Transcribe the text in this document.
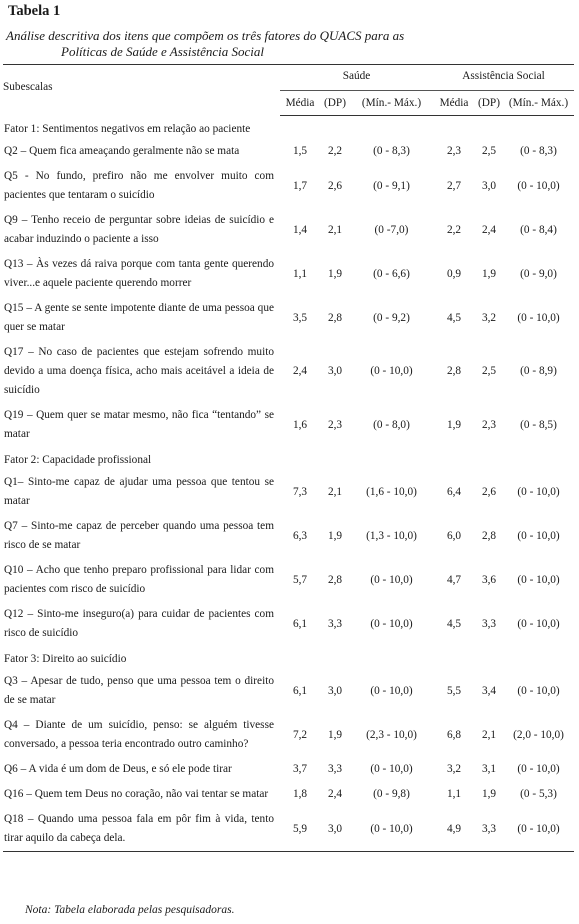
Tabela 1
Análise descritiva dos itens que compõem os três fatores do QUACS para as
Políticas de Saúde e Assistência Social
Subescalas	Saúde			Assistência Social		
	Média	(DP)	(Mín.- Máx.)	Média	(DP)	(Mín.- Máx.)
Fator 1: Sentimentos negativos em relação ao paciente						
Q2 – Quem fica ameaçando geralmente não se mata	1,5	2,2	(0 - 8,3)	2,3	2,5	(0 - 8,3)
Q5 - No fundo, prefiro não me envolver muito com pacientes que tentaram o suicídio	1,7	2,6	(0 - 9,1)	2,7	3,0	(0 - 10,0)
Q9 – Tenho receio de perguntar sobre ideias de suicídio e acabar induzindo o paciente a isso	1,4	2,1	(0 -7,0)	2,2	2,4	(0 - 8,4)
Q13 – Às vezes dá raiva porque com tanta gente querendo viver...e aquele paciente querendo morrer	1,1	1,9	(0 - 6,6)	0,9	1,9	(0 - 9,0)
Q15 – A gente se sente impotente diante de uma pessoa que quer se matar	3,5	2,8	(0 - 9,2)	4,5	3,2	(0 - 10,0)
Q17 – No caso de pacientes que estejam sofrendo muito devido a uma doença física, acho mais aceitável a ideia de suicídio	2,4	3,0	(0 - 10,0)	2,8	2,5	(0 - 8,9)
Q19 – Quem quer se matar mesmo, não fica “tentando” se matar	1,6	2,3	(0 - 8,0)	1,9	2,3	(0 - 8,5)
Fator 2: Capacidade profissional						
Q1– Sinto-me capaz de ajudar uma pessoa que tentou se matar	7,3	2,1	(1,6 - 10,0)	6,4	2,6	(0 - 10,0)
Q7 – Sinto-me capaz de perceber quando uma pessoa tem risco de se matar	6,3	1,9	(1,3 - 10,0)	6,0	2,8	(0 - 10,0)
Q10 – Acho que tenho preparo profissional para lidar com pacientes com risco de suicídio	5,7	2,8	(0 - 10,0)	4,7	3,6	(0 - 10,0)
Q12 – Sinto-me inseguro(a) para cuidar de pacientes com risco de suicídio	6,1	3,3	(0 - 10,0)	4,5	3,3	(0 - 10,0)
Fator 3: Direito ao suicídio						
Q3 – Apesar de tudo, penso que uma pessoa tem o direito de se matar	6,1	3,0	(0 - 10,0)	5,5	3,4	(0 - 10,0)
Q4 – Diante de um suicídio, penso: se alguém tivesse conversado, a pessoa teria encontrado outro caminho?	7,2	1,9	(2,3 - 10,0)	6,8	2,1	(2,0 - 10,0)
Q6 – A vida é um dom de Deus, e só ele pode tirar	3,7	3,3	(0 - 10,0)	3,2	3,1	(0 - 10,0)
Q16 – Quem tem Deus no coração, não vai tentar se matar	1,8	2,4	(0 - 9,8)	1,1	1,9	(0 - 5,3)
Q18 – Quando uma pessoa fala em pôr fim à vida, tento tirar aquilo da cabeça dela.	5,9	3,0	(0 - 10,0)	4,9	3,3	(0 - 10,0)
Nota: Tabela elaborada pelas pesquisadoras.
